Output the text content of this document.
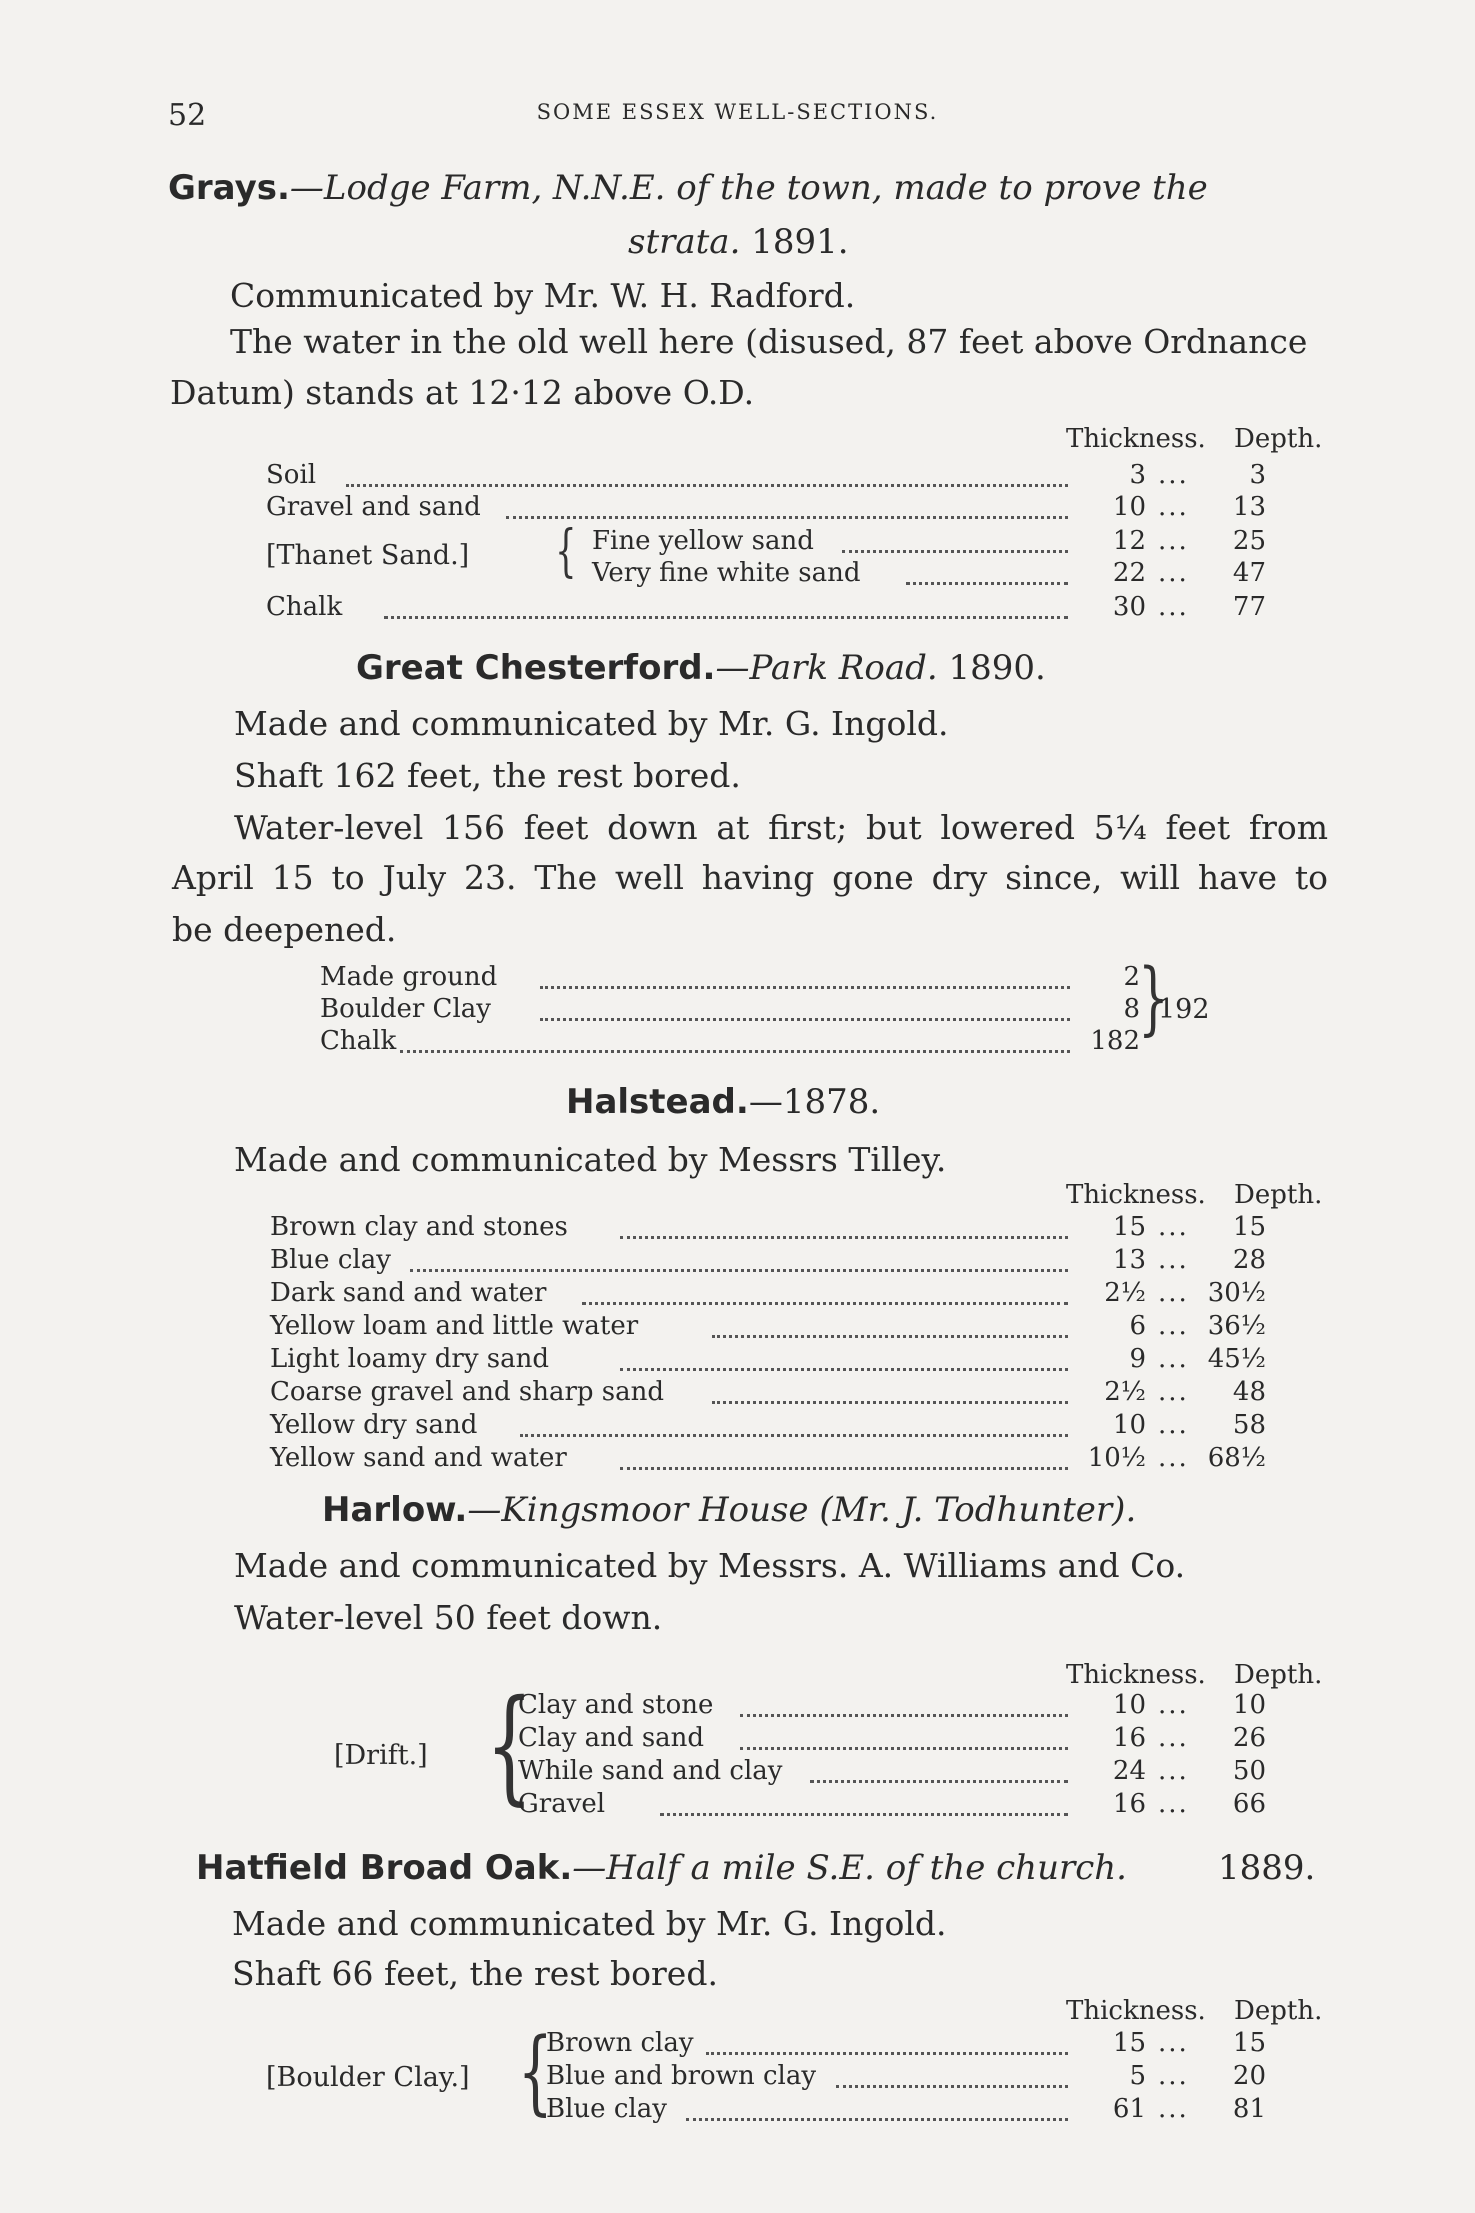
52	SOME ESSEX WELL-SECTIONS.
Grays.—Lodge Farm, N.N.E. of the town, made to prove the
strata. 1891.
Communicated by Mr. W. H. Radford.
The water in the old well here (disused, 87 feet above Ordnance
Datum) stands at 12·12 above O.D.
Thickness. Depth.
Soil	3 ...	3
Gravel and sand	10 ...	13
[Thanet Sand.] { Fine yellow sand	12 ...	25
Very fine white sand	22 ...	47
Chalk	30 ...	77
Great Chesterford.—Park Road. 1890.
Made and communicated by Mr. G. Ingold.
Shaft 162 feet, the rest bored.
Water-level 156 feet down at first; but lowered 5¼ feet from
April 15 to July 23. The well having gone dry since, will have to
be deepened.
Made ground	2
Boulder Clay	8
Chalk	182
}
192
Halstead.—1878.
Made and communicated by Messrs Tilley.
Thickness. Depth.
Brown clay and stones	15 ...	15
Blue clay	13 ...	28
Dark sand and water	2½ ... 30½
Yellow loam and little water	6 ... 36½
Light loamy dry sand	9 ... 45½
Coarse gravel and sharp sand	2½ ...	48
Yellow dry sand	10 ...	58
Yellow sand and water	10½ ... 68½
Harlow.—Kingsmoor House (Mr. J. Todhunter).
Made and communicated by Messrs. A. Williams and Co.
Water-level 50 feet down.
Thickness. Depth.
[Drift.] {
Clay and stone	10 ...	10
Clay and sand	16 ...	26
While sand and clay	24 ...	50
Gravel	16 ...	66
Hatfield Broad Oak.—Half a mile S.E. of the church.	1889.
Made and communicated by Mr. G. Ingold.
Shaft 66 feet, the rest bored.
Thickness. Depth.
[Boulder Clay.] {
Brown clay	15 ...	15
Blue and brown clay	5 ...	20
Blue clay	61 ...	81
